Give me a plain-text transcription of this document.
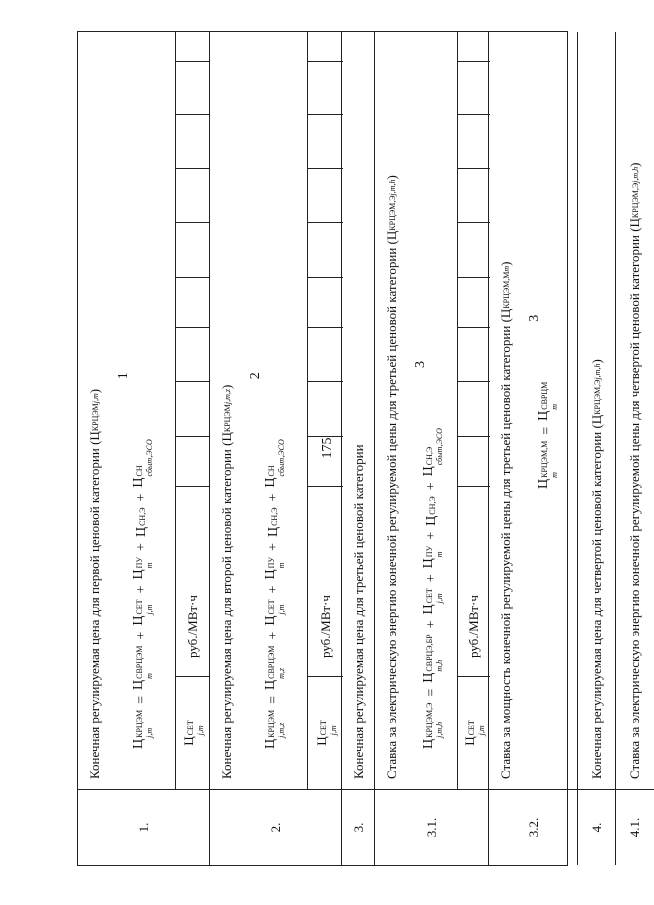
175
1.
Конечная регулируемая цена для первой ценовой категории (Ц
КРЦЭМ
j,m
)
Ц
КРЦЭМ j,m
=
Ц
СВРЦЭМ m
+
Ц
СЕТ j,m
+
Ц
ПУ m
+
Ц
СН,Э
+
Ц
СН сбыт,ЭСО
1
Ц
СЕТ j,m
руб./МВт·ч
2.
Конечная регулируемая цена для второй ценовой категории (Ц
КРЦЭМ
j,m,z
)
Ц
КРЦЭМ j,m,z
=
Ц
СВРЦЭМ m,z
+
Ц
СЕТ j,m
+
Ц
ПУ m
+
Ц
СН,Э
+
Ц
СН сбыт,ЭСО
2
Ц
СЕТ j,m
руб./МВт·ч
3.
Конечная регулируемая цена для третьей ценовой категории
3.1.
Ставка за электрическую энергию конечной регулируемой цены для третьей ценовой категории (Ц
КРЦЭМ,Э
j,m,h
)
Ц
КРЦЭМ,Э j,m,h
=
Ц
СВРЦЭ,БР m,h
+
Ц
СЕТ j,m
+
Ц
ПУ m
+
Ц
СН,Э
+
Ц
СН,Э сбыт,ЭСО
3
Ц
СЕТ j,m
руб./МВт·ч
3.2.
Ставка за мощность конечной регулируемой цены для третьей ценовой категории (Ц
КРЦЭМ,М
m
)
Ц
КРЦЭМ,М m
=
Ц
СВРЦМ m
3
4.
Конечная регулируемая цена для четвертой ценовой категории (Ц
КРЦЭМ,Э
j,m,h
)
4.1.
Ставка за электрическую энергию конечной регулируемой цены для четвертой ценовой категории (Ц
КРЦЭМ,Э
j,m,h
)
